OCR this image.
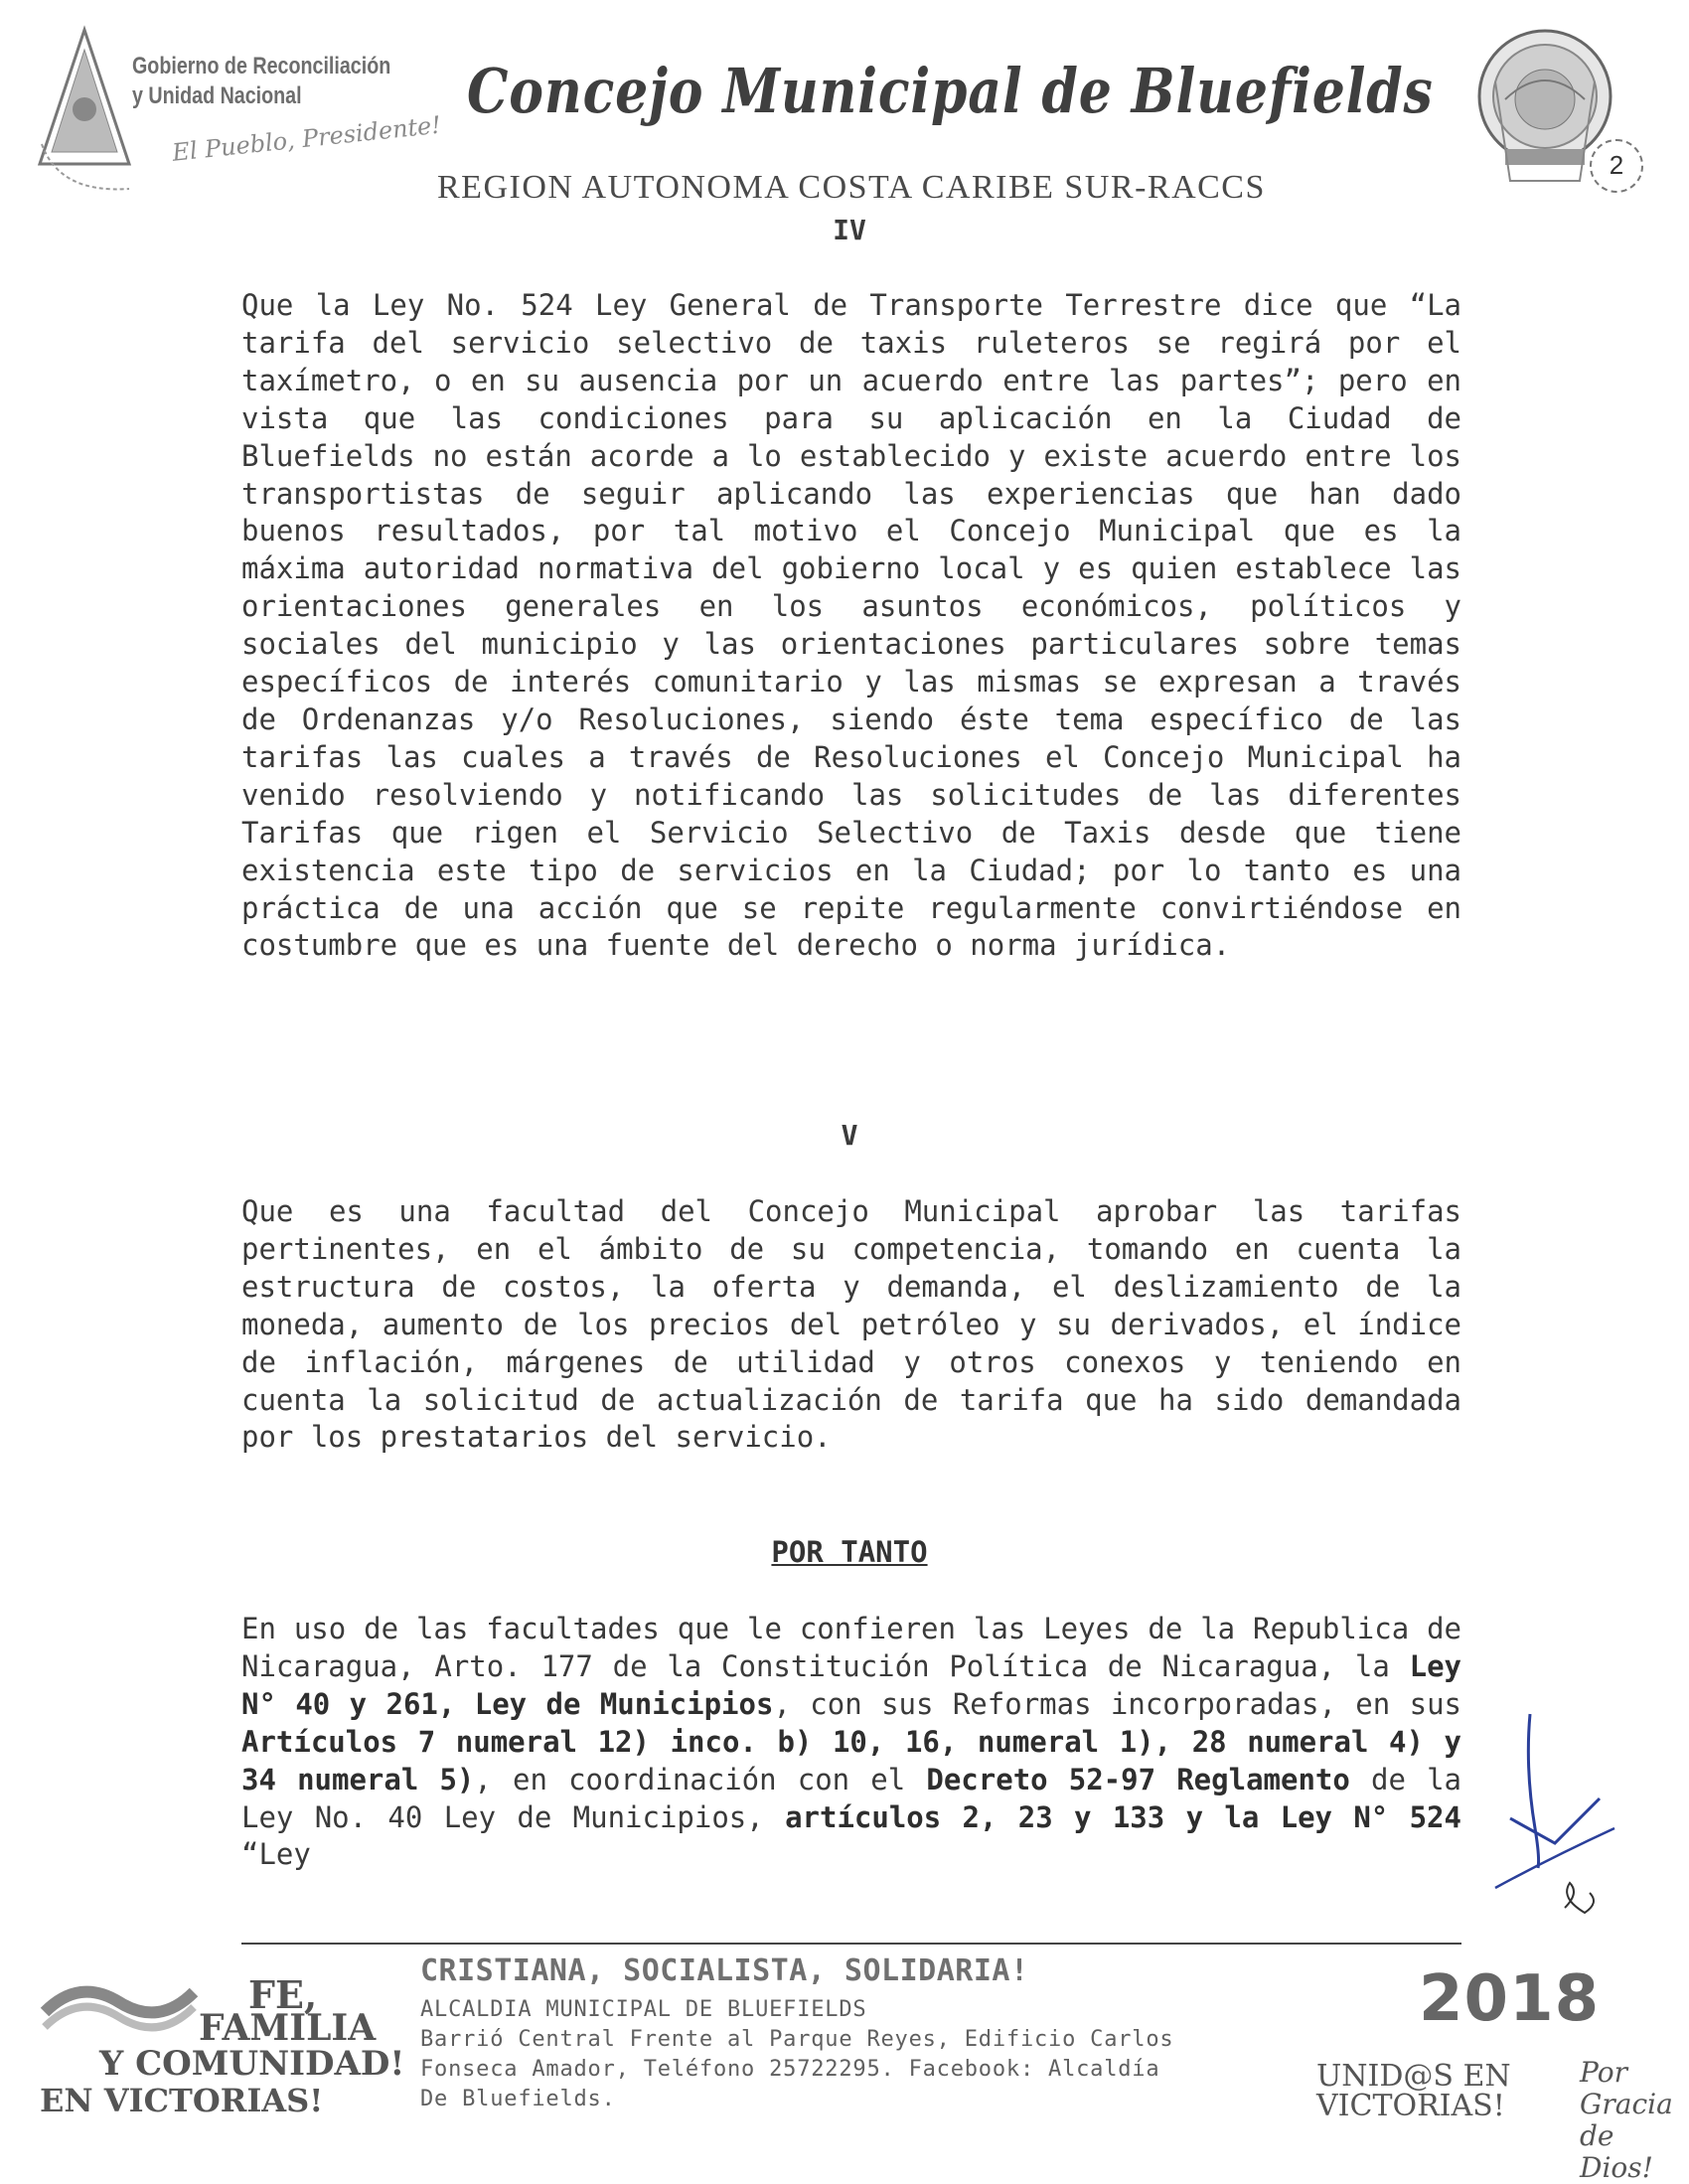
Gobierno de Reconciliación
y Unidad Nacional
El Pueblo, Presidente!
Concejo Municipal de Bluefields
REGION AUTONOMA COSTA CARIBE SUR-RACCS
2
IV

Que la Ley No. 524 Ley General de Transporte Terrestre dice que “La tarifa del servicio selectivo de taxis ruleteros se regirá por el taxímetro, o en su ausencia por un acuerdo entre las partes”; pero en vista que las condiciones para su aplicación en la Ciudad de Bluefields no están acorde a lo establecido y existe acuerdo entre los transportistas de seguir aplicando las experiencias que han dado buenos resultados, por tal motivo el Concejo Municipal que es la máxima autoridad normativa del gobierno local y es quien establece las orientaciones generales en los asuntos económicos, políticos y sociales del municipio y las orientaciones particulares sobre temas específicos de interés comunitario y las mismas se expresan a través de Ordenanzas y/o Resoluciones, siendo éste tema específico de las tarifas las cuales a través de Resoluciones el Concejo Municipal ha venido resolviendo y notificando las solicitudes de las diferentes Tarifas que rigen el Servicio Selectivo de Taxis desde que tiene existencia este tipo de servicios en la Ciudad; por lo tanto es una práctica de una acción que se repite regularmente convirtiéndose en costumbre que es una fuente del derecho o norma jurídica.

V

Que es una facultad del Concejo Municipal aprobar las tarifas pertinentes, en el ámbito de su competencia, tomando en cuenta la estructura de costos, la oferta y demanda, el deslizamiento de la moneda, aumento de los precios del petróleo y su derivados, el índice de inflación, márgenes de utilidad y otros conexos y teniendo en cuenta la solicitud de actualización de tarifa que ha sido demandada por los prestatarios del servicio.

POR TANTO

En uso de las facultades que le confieren las Leyes de la Republica de Nicaragua, Arto. 177 de la Constitución Política de Nicaragua, la Ley N° 40 y 261, Ley de Municipios, con sus Reformas incorporadas, en sus Artículos 7 numeral 12) inco. b) 10, 16, numeral 1), 28 numeral 4) y 34 numeral 5), en coordinación con el Decreto 52-97 Reglamento de la Ley No. 40 Ley de Municipios, artículos 2, 23 y 133 y la Ley N° 524 “Ley

FE,
FAMILIA
Y COMUNIDAD!
EN VICTORIAS!
CRISTIANA, SOCIALISTA, SOLIDARIA!
ALCALDIA MUNICIPAL DE BLUEFIELDS
Barrió Central Frente al Parque Reyes, Edificio Carlos
Fonseca Amador, Teléfono 25722295. Facebook: Alcaldía
De Bluefields.
2018
UNID@S EN
VICTORIAS!
Por Gracia
de Dios!
